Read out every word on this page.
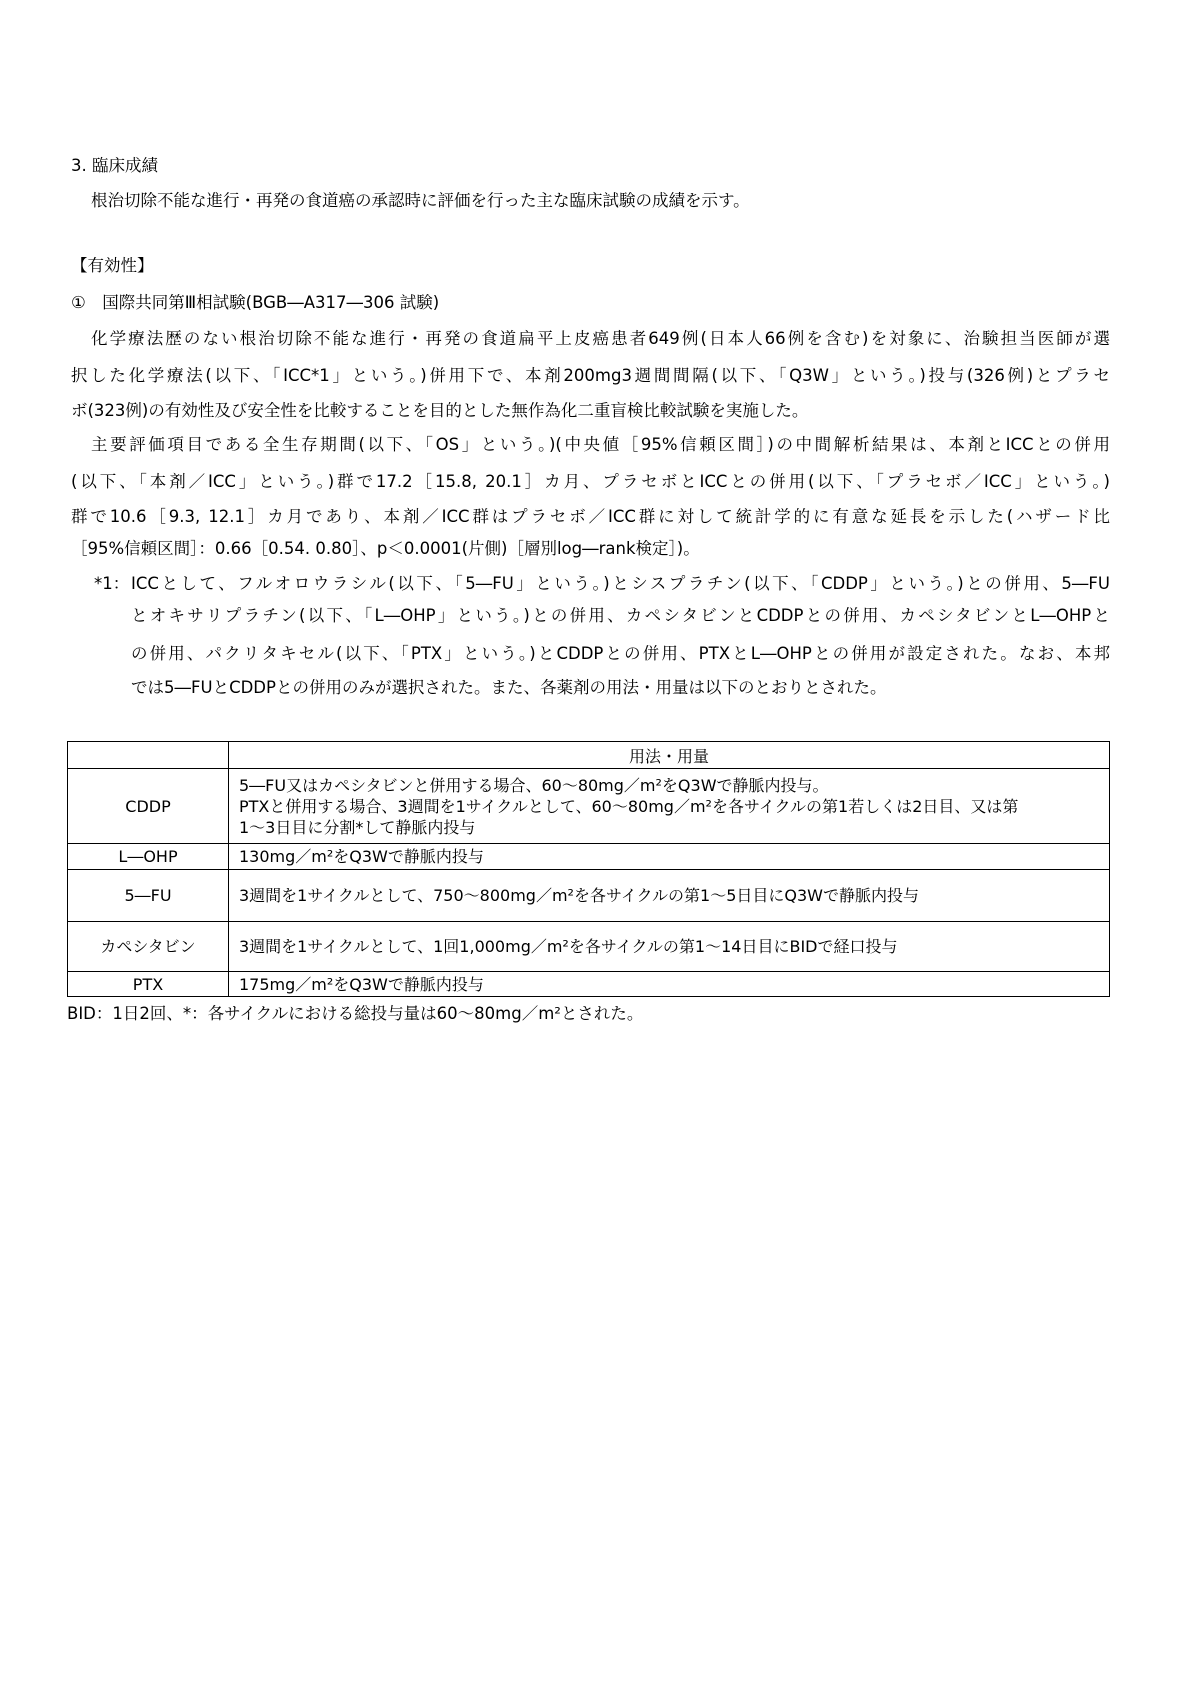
3. 臨床成績
根治切除不能な進行・再発の食道癌の承認時に評価を行った主な臨床試験の成績を示す。
【有効性】
①　国際共同第Ⅲ相試験(BGB―A317―306 試験)
化学療法歴のない根治切除不能な進行・再発の食道扁平上皮癌患者649例(日本人66例を含む)を対象に、治験担当医師が選
択した化学療法(以下、「ICC*1」という。)併用下で、本剤200mg3週間間隔(以下、「Q3W」という。)投与(326例)とプラセ
ボ(323例)の有効性及び安全性を比較することを目的とした無作為化二重盲検比較試験を実施した。
主要評価項目である全生存期間(以下、「OS」という。)(中央値［95%信頼区間］)の中間解析結果は、本剤とICCとの併用
(以下、「本剤／ICC」という。)群で17.2［15.8, 20.1］カ月、プラセボとICCとの併用(以下、「プラセボ／ICC」という。)
群で10.6［9.3, 12.1］カ月であり、本剤／ICC群はプラセボ／ICC群に対して統計学的に有意な延長を示した(ハザード比
［95%信頼区間］：0.66［0.54. 0.80］、p＜0.0001(片側)［層別log―rank検定］)。
*1： ICCとして、フルオロウラシル(以下、「5―FU」という。)とシスプラチン(以下、「CDDP」という。)との併用、5―FU
とオキサリプラチン(以下、「L―OHP」という。)との併用、カペシタビンとCDDPとの併用、カペシタビンとL―OHPと
の併用、パクリタキセル(以下、「PTX」という。)とCDDPとの併用、PTXとL―OHPとの併用が設定された。なお、本邦
では5―FUとCDDPとの併用のみが選択された。また、各薬剤の用法・用量は以下のとおりとされた。
	用法・用量
CDDP	5―FU又はカペシタビンと併用する場合、60～80mg／m²をQ3Wで静脈内投与。
PTXと併用する場合、3週間を1サイクルとして、60～80mg／m²を各サイクルの第1若しくは2日目、又は第
1～3日目に分割*して静脈内投与

L―OHP	130mg／m²をQ3Wで静脈内投与
5―FU	3週間を1サイクルとして、750～800mg／m²を各サイクルの第1～5日目にQ3Wで静脈内投与
カペシタビン	3週間を1サイクルとして、1回1,000mg／m²を各サイクルの第1～14日目にBIDで経口投与
PTX	175mg／m²をQ3Wで静脈内投与
BID：1日2回、*：各サイクルにおける総投与量は60～80mg／m²とされた。
